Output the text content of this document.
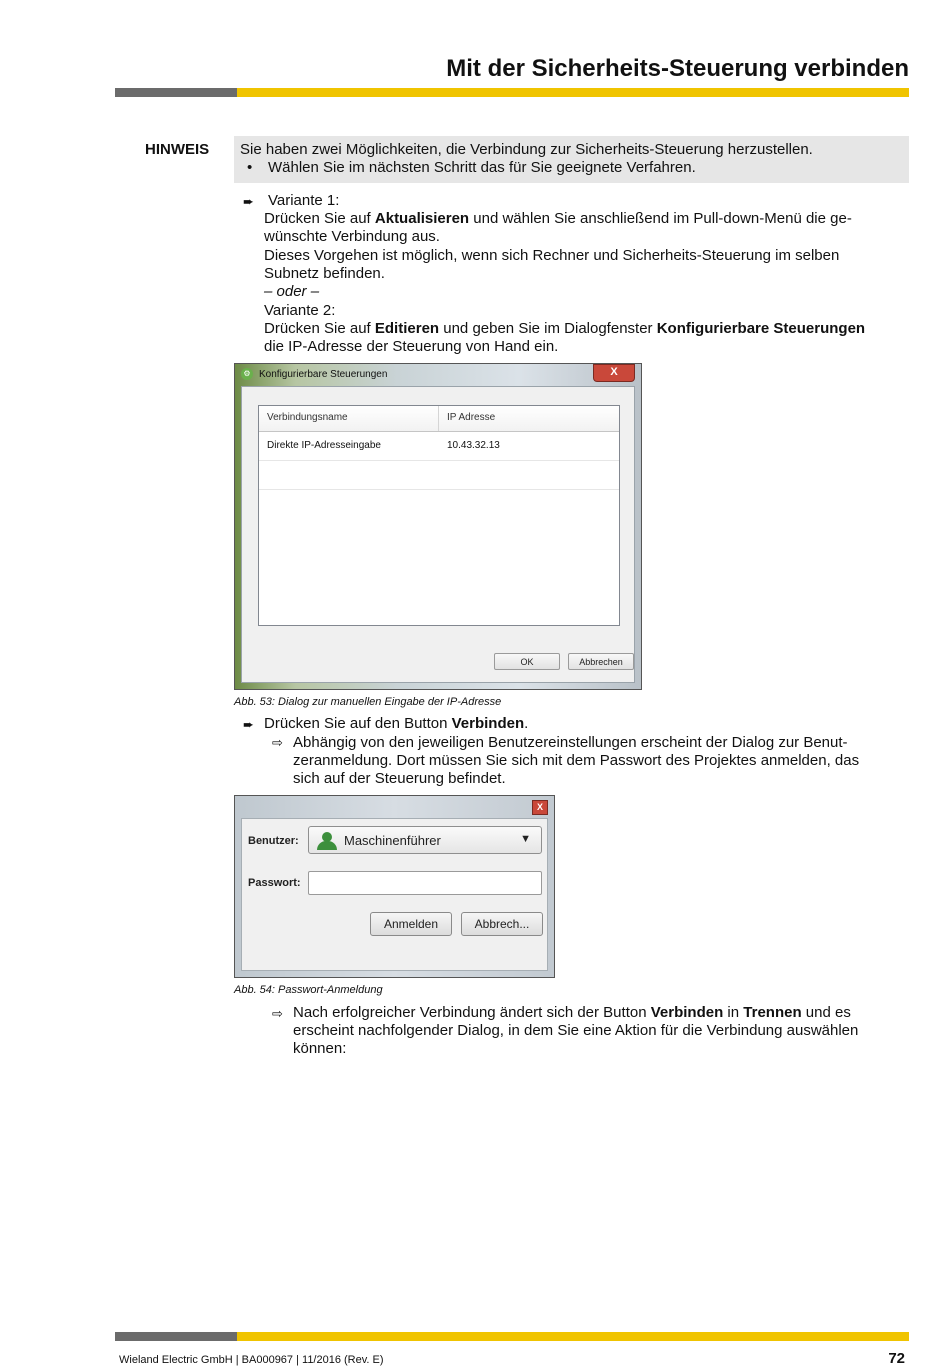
Mit der Sicherheits-Steuerung verbinden
HINWEIS Sie haben zwei Möglichkeiten, die Verbindung zur Sicherheits-Steuerung herzustellen.
• Wählen Sie im nächsten Schritt das für Sie geeignete Verfahren.
➨ Variante 1:
Drücken Sie auf Aktualisieren und wählen Sie anschließend im Pull-down-Menü die ge-
wünschte Verbindung aus.
Dieses Vorgehen ist möglich, wenn sich Rechner und Sicherheits-Steuerung im selben
Subnetz befinden.
– oder –
Variante 2:
Drücken Sie auf Editieren und geben Sie im Dialogfenster Konfigurierbare Steuerungen
die IP-Adresse der Steuerung von Hand ein.
⚙ Konfigurierbare Steuerungen	X
Verbindungsname	IP Adresse
Direkte IP-Adresseingabe	10.43.32.13
OK	Abbrechen
Abb. 53: Dialog zur manuellen Eingabe der IP-Adresse
➨ Drücken Sie auf den Button Verbinden.
⇨ Abhängig von den jeweiligen Benutzereinstellungen erscheint der Dialog zur Benut-
zeranmeldung. Dort müssen Sie sich mit dem Passwort des Projektes anmelden, das
sich auf der Steuerung befindet.
X
Benutzer:	Maschinenführer	▼
Passwort:
Anmelden	Abbrech...
Abb. 54: Passwort-Anmeldung
⇨ Nach erfolgreicher Verbindung ändert sich der Button Verbinden in Trennen und es
erscheint nachfolgender Dialog, in dem Sie eine Aktion für die Verbindung auswählen
können:
Wieland Electric GmbH | BA000967 | 11/2016 (Rev. E)	72
